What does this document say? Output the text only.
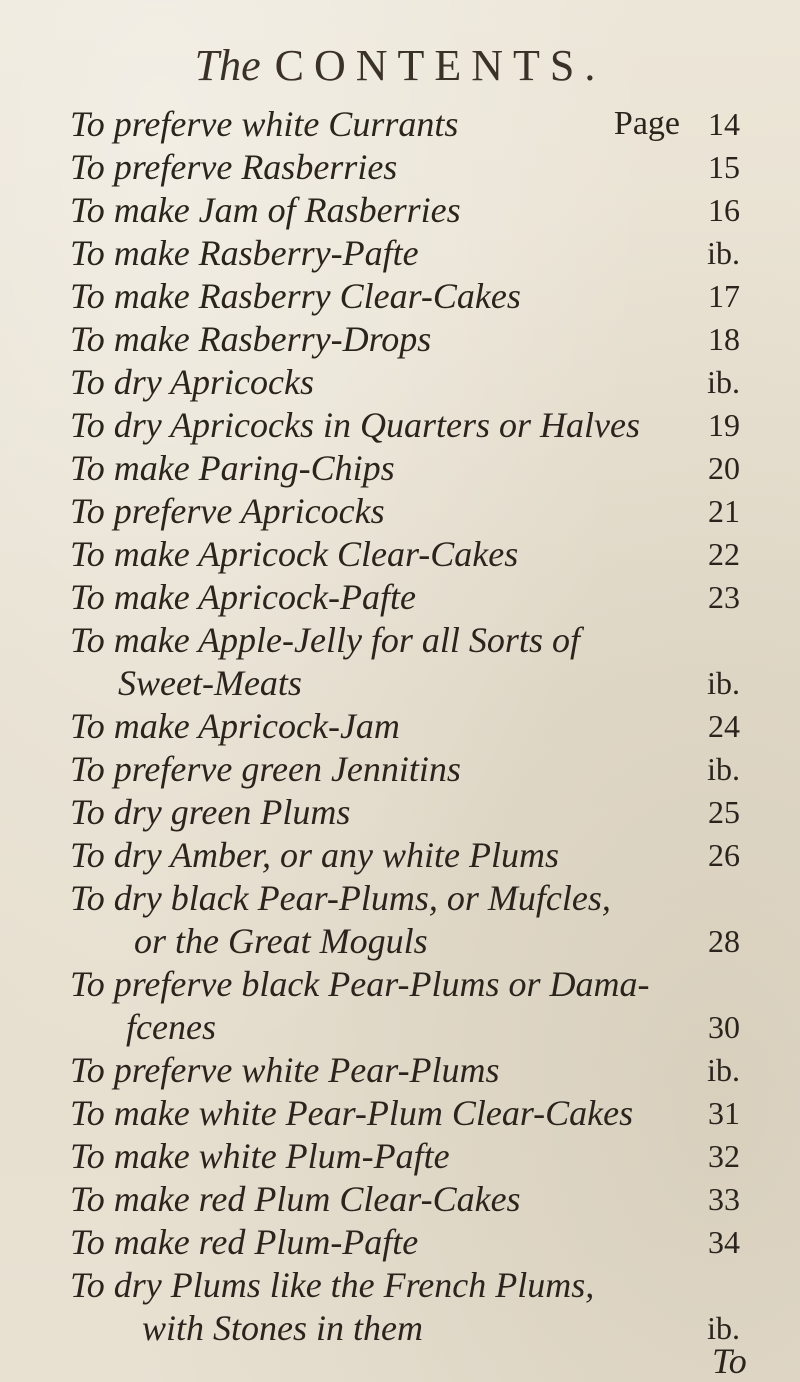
The CONTENTS.
To preferve white Currants	Page 14
To preferve Rasberries	15
To make Jam of Rasberries	16
To make Rasberry-Pafte	ib.
To make Rasberry Clear-Cakes	17
To make Rasberry-Drops	18
To dry Apricocks	ib.
To dry Apricocks in Quarters or Halves 19
To make Paring-Chips	20
To preferve Apricocks	21
To make Apricock Clear-Cakes	22
To make Apricock-Pafte	23
To make Apple-Jelly for all Sorts of
Sweet-Meats	ib.
To make Apricock-Jam	24
To preferve green Jennitins	ib.
To dry green Plums	25
To dry Amber, or any white Plums	26
To dry black Pear-Plums, or Mufcles,
or the Great Moguls	28
To preferve black Pear-Plums or Dama-
fcenes	30
To preferve white Pear-Plums	ib.
To make white Pear-Plum Clear-Cakes 31
To make white Plum-Pafte	32
To make red Plum Clear-Cakes	33
To make red Plum-Pafte	34
To dry Plums like the French Plums,
with Stones in them	ib.
To
